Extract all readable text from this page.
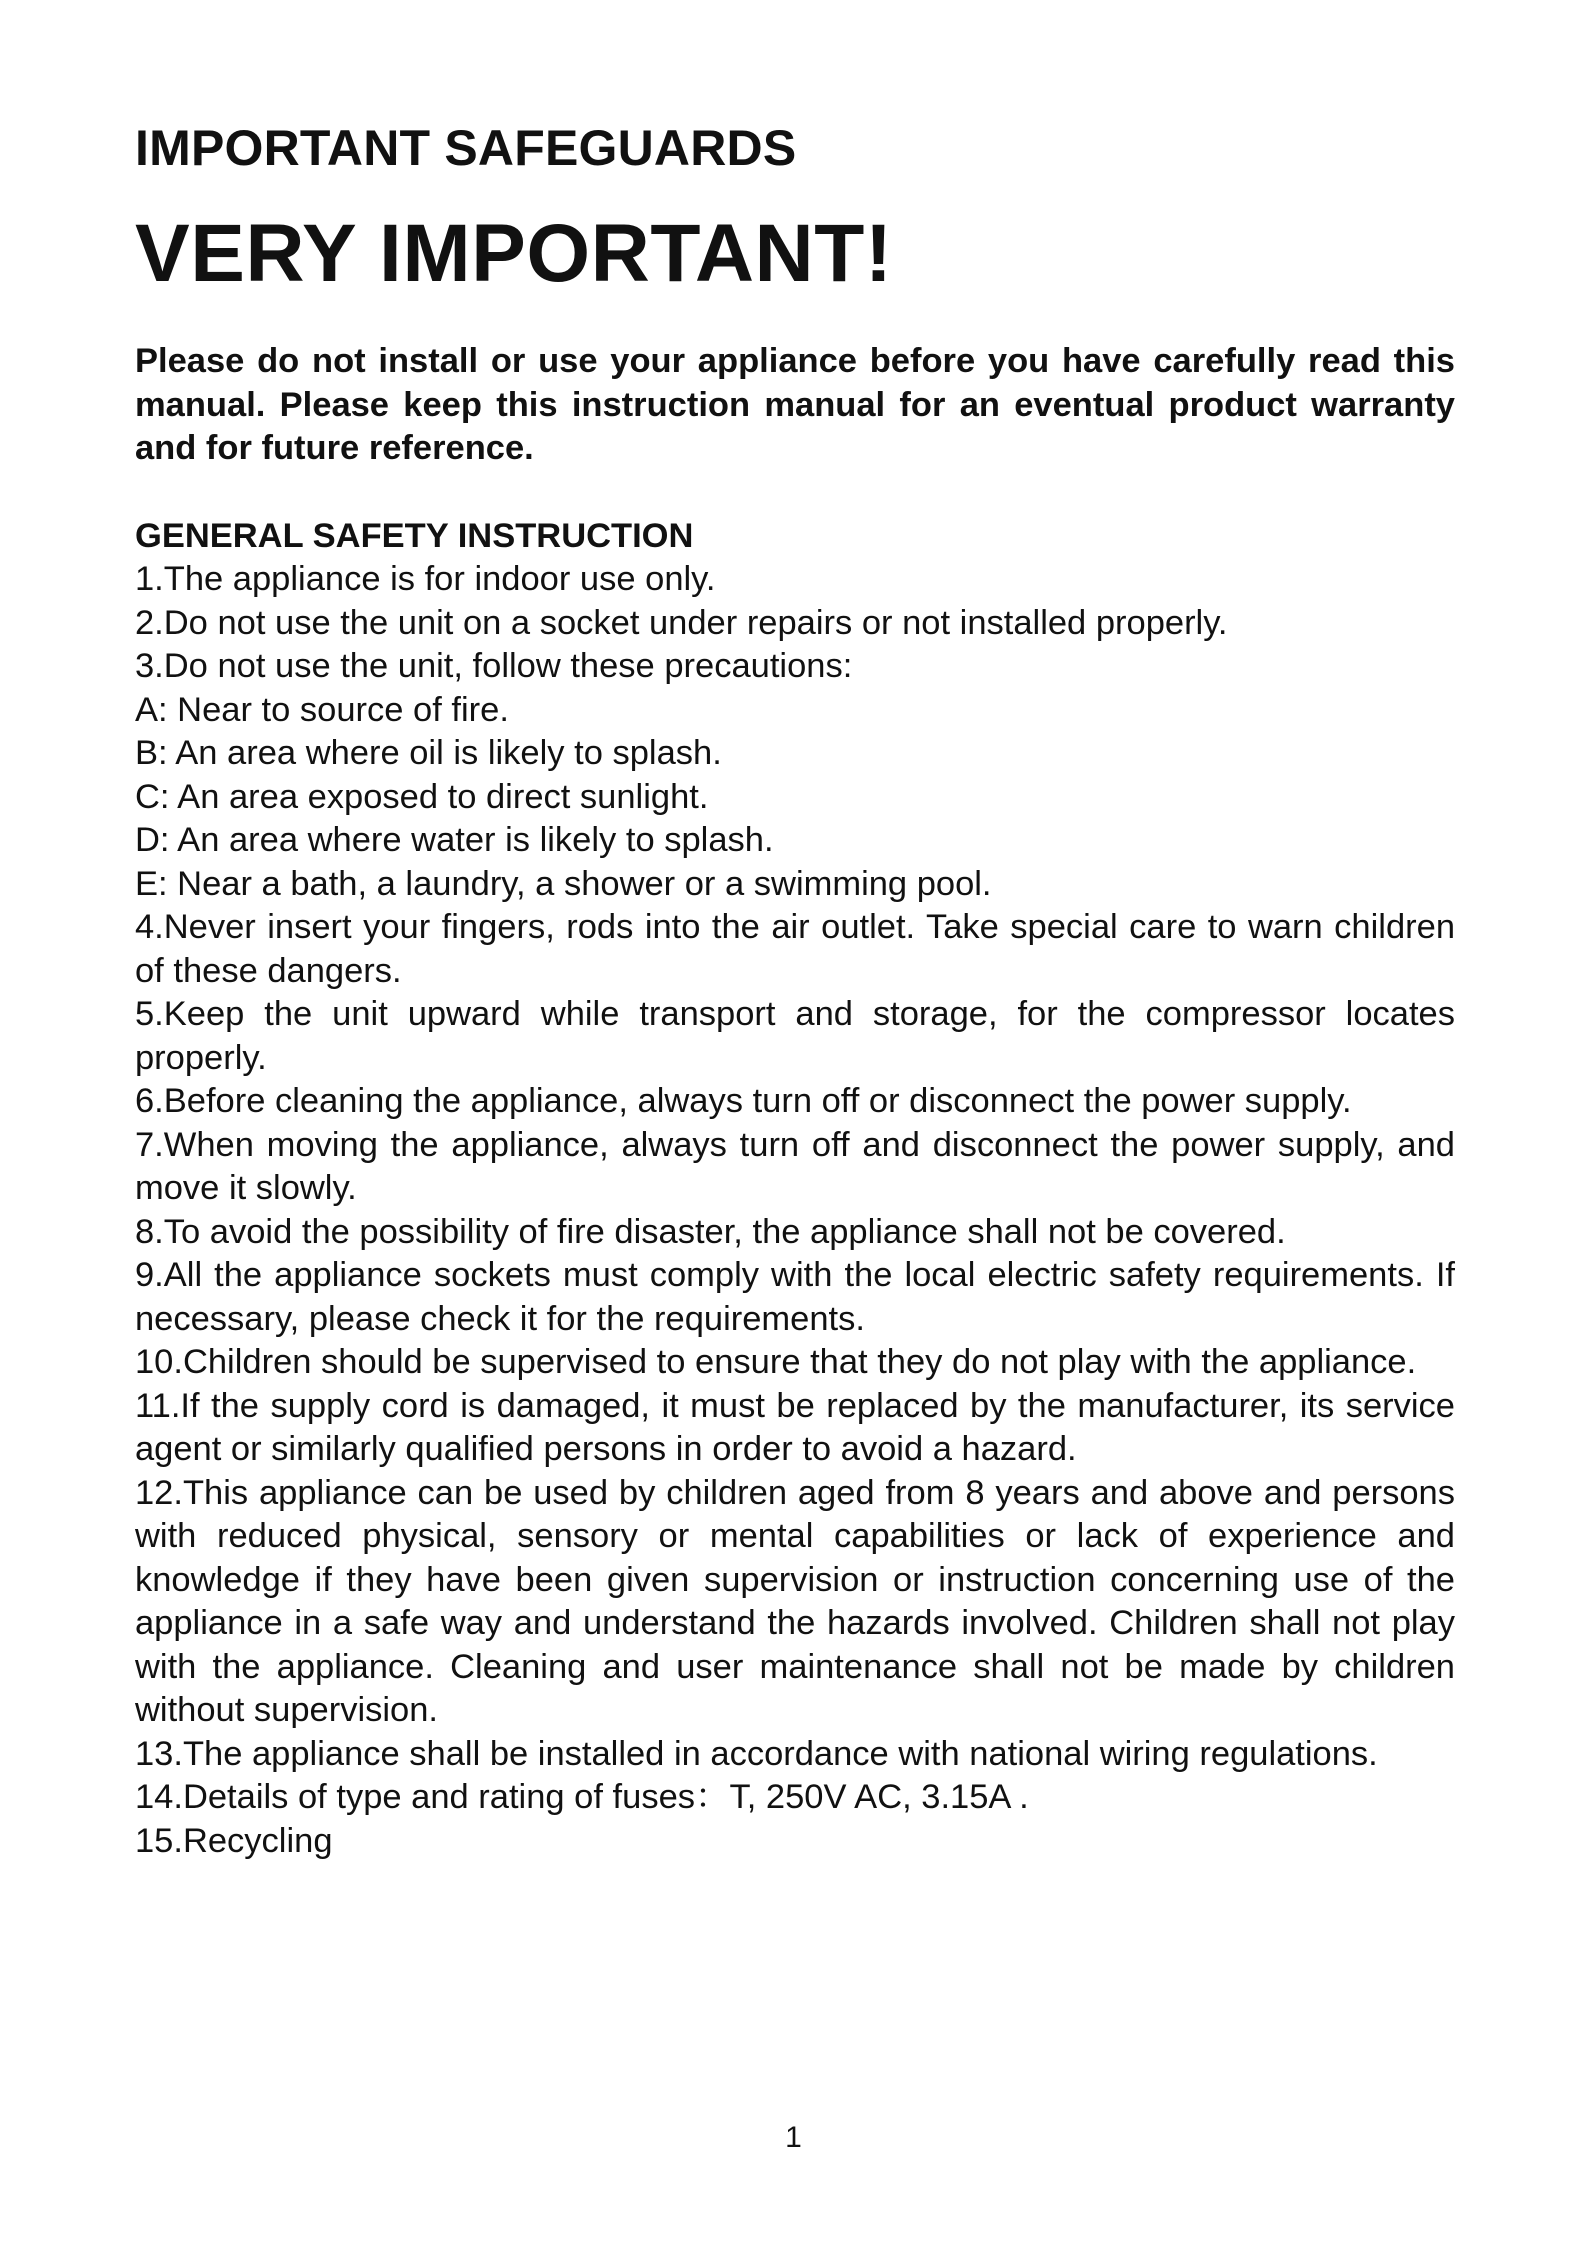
IMPORTANT SAFEGUARDS
VERY IMPORTANT!

Please do not install or use your appliance before you have carefully read this manual. Please keep this instruction manual for an eventual product warranty and for future reference.

GENERAL SAFETY INSTRUCTION
1.The appliance is for indoor use only.
2.Do not use the unit on a socket under repairs or not installed properly.
3.Do not use the unit, follow these precautions:
A: Near to source of fire.
B: An area where oil is likely to splash.
C: An area exposed to direct sunlight.
D: An area where water is likely to splash.
E: Near a bath, a laundry, a shower or a swimming pool.
4.Never insert your fingers, rods into the air outlet. Take special care to warn children of these dangers.
5.Keep the unit upward while transport and storage, for the compressor locates properly.
6.Before cleaning the appliance, always turn off or disconnect the power supply.
7.When moving the appliance, always turn off and disconnect the power supply, and move it slowly.
8.To avoid the possibility of fire disaster, the appliance shall not be covered.
9.All the appliance sockets must comply with the local electric safety requirements. If necessary, please check it for the requirements.
10.Children should be supervised to ensure that they do not play with the appliance.
11.If the supply cord is damaged, it must be replaced by the manufacturer, its service agent or similarly qualified persons in order to avoid a hazard.
12.This appliance can be used by children aged from 8 years and above and persons with reduced physical, sensory or mental capabilities or lack of experience and knowledge if they have been given supervision or instruction concerning use of the appliance in a safe way and understand the hazards involved. Children shall not play with the appliance. Cleaning and user maintenance shall not be made by children without supervision.
13.The appliance shall be installed in accordance with national wiring regulations.
14.Details of type and rating of fuses：T, 250V AC, 3.15A .
15.Recycling
1
